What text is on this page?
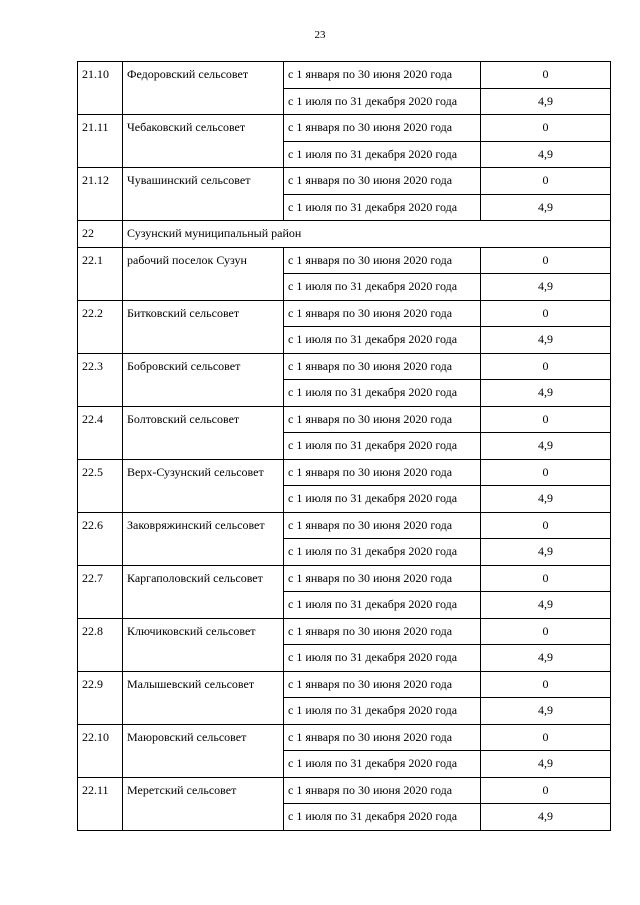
23
21.10	Федоровский сельсовет	с 1 января по 30 июня 2020 года	0
		с 1 июля по 31 декабря 2020 года	4,9
21.11	Чебаковский сельсовет	с 1 января по 30 июня 2020 года	0
		с 1 июля по 31 декабря 2020 года	4,9
21.12	Чувашинский сельсовет	с 1 января по 30 июня 2020 года	0
		с 1 июля по 31 декабря 2020 года	4,9
22	Сузунский муниципальный район		
22.1	рабочий поселок Сузун	с 1 января по 30 июня 2020 года	0
		с 1 июля по 31 декабря 2020 года	4,9
22.2	Битковский сельсовет	с 1 января по 30 июня 2020 года	0
		с 1 июля по 31 декабря 2020 года	4,9
22.3	Бобровский сельсовет	с 1 января по 30 июня 2020 года	0
		с 1 июля по 31 декабря 2020 года	4,9
22.4	Болтовский сельсовет	с 1 января по 30 июня 2020 года	0
		с 1 июля по 31 декабря 2020 года	4,9
22.5	Верх-Сузунский сельсовет	с 1 января по 30 июня 2020 года	0
		с 1 июля по 31 декабря 2020 года	4,9
22.6	Заковряжинский сельсовет	с 1 января по 30 июня 2020 года	0
		с 1 июля по 31 декабря 2020 года	4,9
22.7	Каргаполовский сельсовет	с 1 января по 30 июня 2020 года	0
		с 1 июля по 31 декабря 2020 года	4,9
22.8	Ключиковский сельсовет	с 1 января по 30 июня 2020 года	0
		с 1 июля по 31 декабря 2020 года	4,9
22.9	Малышевский сельсовет	с 1 января по 30 июня 2020 года	0
		с 1 июля по 31 декабря 2020 года	4,9
22.10	Маюровский сельсовет	с 1 января по 30 июня 2020 года	0
		с 1 июля по 31 декабря 2020 года	4,9
22.11	Меретский сельсовет	с 1 января по 30 июня 2020 года	0
		с 1 июля по 31 декабря 2020 года	4,9
